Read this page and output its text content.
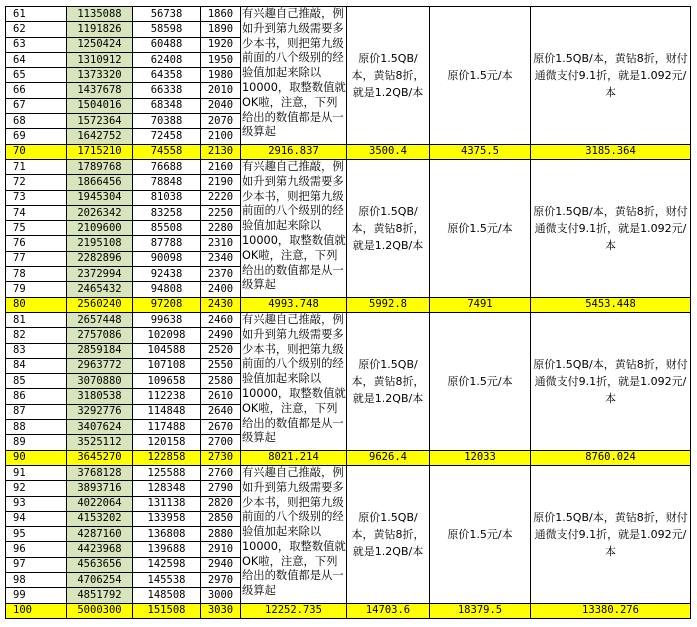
61	1135088	56738	1860	有兴趣自己推敲，例如升到第九级需要多少本书，则把第九级前面的八个级别的经验值加起来除以10000，取整数值就OK啦，注意，下列给出的数值都是从一级算起	原价1.5QB/本，黄钻8折，就是1.2QB/本	原价1.5元/本	原价1.5QB/本，黄钻8折，财付通微支付9.1折，就是1.092元/本
62	1191826	58598	1890				
63	1250424	60488	1920				
64	1310912	62408	1950				
65	1373320	64358	1980				
66	1437678	66338	2010				
67	1504016	68348	2040				
68	1572364	70388	2070				
69	1642752	72458	2100				
70	1715210	74558	2130	2916.837	3500.4	4375.5	3185.364
71	1789768	76688	2160	有兴趣自己推敲，例如升到第九级需要多少本书，则把第九级前面的八个级别的经验值加起来除以10000，取整数值就OK啦，注意，下列给出的数值都是从一级算起	原价1.5QB/本，黄钻8折，就是1.2QB/本	原价1.5元/本	原价1.5QB/本，黄钻8折，财付通微支付9.1折，就是1.092元/本
72	1866456	78848	2190				
73	1945304	81038	2220				
74	2026342	83258	2250				
75	2109600	85508	2280				
76	2195108	87788	2310				
77	2282896	90098	2340				
78	2372994	92438	2370				
79	2465432	94808	2400				
80	2560240	97208	2430	4993.748	5992.8	7491	5453.448
81	2657448	99638	2460	有兴趣自己推敲，例如升到第九级需要多少本书，则把第九级前面的八个级别的经验值加起来除以10000，取整数值就OK啦，注意，下列给出的数值都是从一级算起	原价1.5QB/本，黄钻8折，就是1.2QB/本	原价1.5元/本	原价1.5QB/本，黄钻8折，财付通微支付9.1折，就是1.092元/本
82	2757086	102098	2490				
83	2859184	104588	2520				
84	2963772	107108	2550				
85	3070880	109658	2580				
86	3180538	112238	2610				
87	3292776	114848	2640				
88	3407624	117488	2670				
89	3525112	120158	2700				
90	3645270	122858	2730	8021.214	9626.4	12033	8760.024
91	3768128	125588	2760	有兴趣自己推敲，例如升到第九级需要多少本书，则把第九级前面的八个级别的经验值加起来除以10000，取整数值就OK啦，注意，下列给出的数值都是从一级算起	原价1.5QB/本，黄钻8折，就是1.2QB/本	原价1.5元/本	原价1.5QB/本，黄钻8折，财付通微支付9.1折，就是1.092元/本
92	3893716	128348	2790				
93	4022064	131138	2820				
94	4153202	133958	2850				
95	4287160	136808	2880				
96	4423968	139688	2910				
97	4563656	142598	2940				
98	4706254	145538	2970				
99	4851792	148508	3000				
100	5000300	151508	3030	12252.735	14703.6	18379.5	13380.276
